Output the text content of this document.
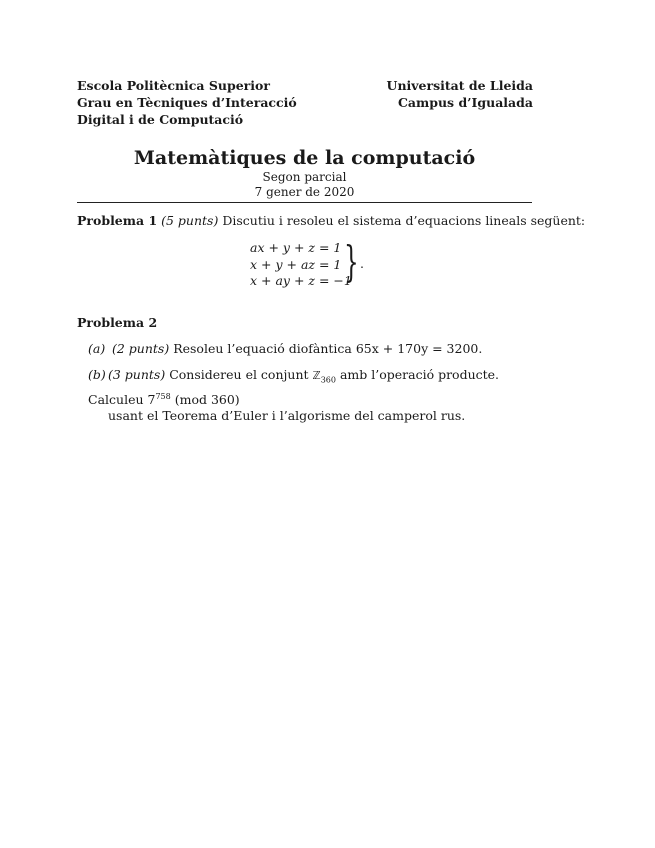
Escola Politècnica Superior
Grau en Tècniques d’Interacció
Digital i de Computació
Universitat de Lleida
Campus d’Igualada
Matemàtiques de la computació
Segon parcial
7 gener de 2020
Problema 1 (5 punts) Discutiu i resoleu el sistema d’equacions lineals següent:
ax + y + z = 1
x + y + az = 1
x + ay + z = −1
} .
Problema 2
(a) (2 punts) Resoleu l’equació diofàntica 65x + 170y = 3200.
(b) (3 punts) Considereu el conjunt ℤ$_{360}$ amb l’operació producte. Calculeu $7^{758}$ (mod 360)
usant el Teorema d’Euler i l’algorisme del camperol rus.
